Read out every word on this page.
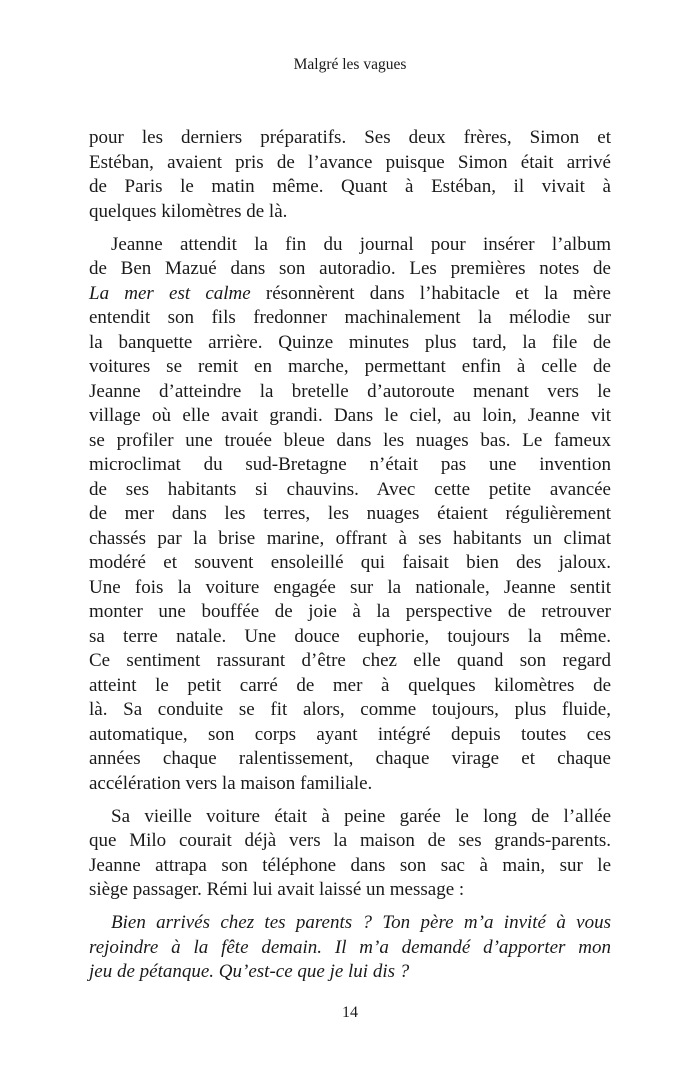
Malgré les vagues
pour les derniers préparatifs. Ses deux frères, Simon et
Estéban, avaient pris de l’avance puisque Simon était arrivé
de Paris le matin même. Quant à Estéban, il vivait à
quelques kilomètres de là.
Jeanne attendit la fin du journal pour insérer l’album
de Ben Mazué dans son autoradio. Les premières notes de
La mer est calme résonnèrent dans l’habitacle et la mère
entendit son fils fredonner machinalement la mélodie sur
la banquette arrière. Quinze minutes plus tard, la file de
voitures se remit en marche, permettant enfin à celle de
Jeanne d’atteindre la bretelle d’autoroute menant vers le
village où elle avait grandi. Dans le ciel, au loin, Jeanne vit
se profiler une trouée bleue dans les nuages bas. Le fameux
microclimat du sud-Bretagne n’était pas une invention
de ses habitants si chauvins. Avec cette petite avancée
de mer dans les terres, les nuages étaient régulièrement
chassés par la brise marine, offrant à ses habitants un climat
modéré et souvent ensoleillé qui faisait bien des jaloux.
Une fois la voiture engagée sur la nationale, Jeanne sentit
monter une bouffée de joie à la perspective de retrouver
sa terre natale. Une douce euphorie, toujours la même.
Ce sentiment rassurant d’être chez elle quand son regard
atteint le petit carré de mer à quelques kilomètres de
là. Sa conduite se fit alors, comme toujours, plus fluide,
automatique, son corps ayant intégré depuis toutes ces
années chaque ralentissement, chaque virage et chaque
accélération vers la maison familiale.
Sa vieille voiture était à peine garée le long de l’allée
que Milo courait déjà vers la maison de ses grands-parents.
Jeanne attrapa son téléphone dans son sac à main, sur le
siège passager. Rémi lui avait laissé un message :
Bien arrivés chez tes parents ? Ton père m’a invité à vous
rejoindre à la fête demain. Il m’a demandé d’apporter mon
jeu de pétanque. Qu’est-ce que je lui dis ?
14
